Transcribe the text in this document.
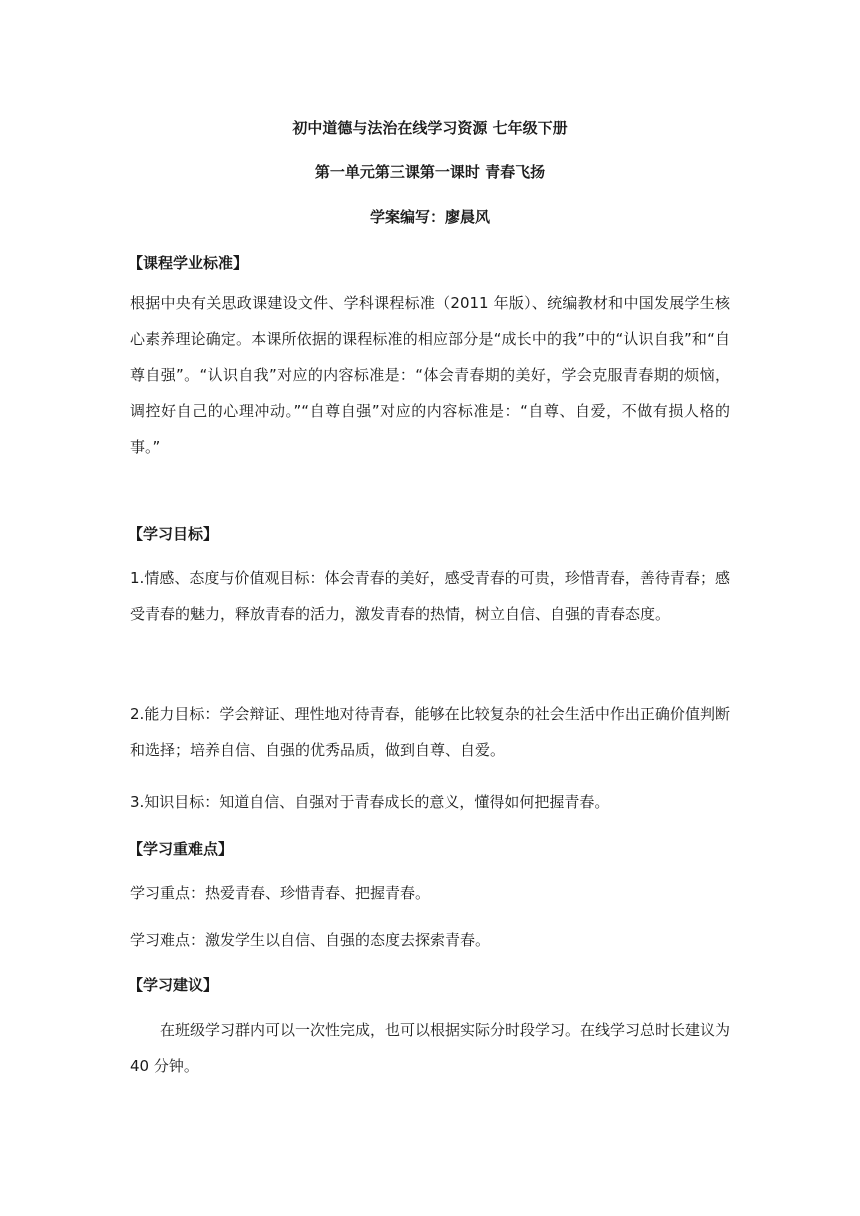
初中道德与法治在线学习资源 七年级下册

第一单元第三课第一课时 青春飞扬

学案编写：廖晨风

【课程学业标准】

根据中央有关思政课建设文件、学科课程标准（2011 年版）、统编教材和中国发展学生核心素养理论确定。本课所依据的课程标准的相应部分是“成长中的我”中的“认识自我”和“自尊自强”。“认识自我”对应的内容标准是：“体会青春期的美好，学会克服青春期的烦恼，调控好自己的心理冲动。”“自尊自强”对应的内容标准是：“自尊、自爱，不做有损人格的事。”

【学习目标】

1.情感、态度与价值观目标：体会青春的美好，感受青春的可贵，珍惜青春，善待青春；感受青春的魅力，释放青春的活力，激发青春的热情，树立自信、自强的青春态度。

2.能力目标：学会辩证、理性地对待青春，能够在比较复杂的社会生活中作出正确价值判断和选择；培养自信、自强的优秀品质，做到自尊、自爱。

3.知识目标：知道自信、自强对于青春成长的意义，懂得如何把握青春。

【学习重难点】

学习重点：热爱青春、珍惜青春、把握青春。

学习难点：激发学生以自信、自强的态度去探索青春。

【学习建议】

在班级学习群内可以一次性完成，也可以根据实际分时段学习。在线学习总时长建议为 40 分钟。
